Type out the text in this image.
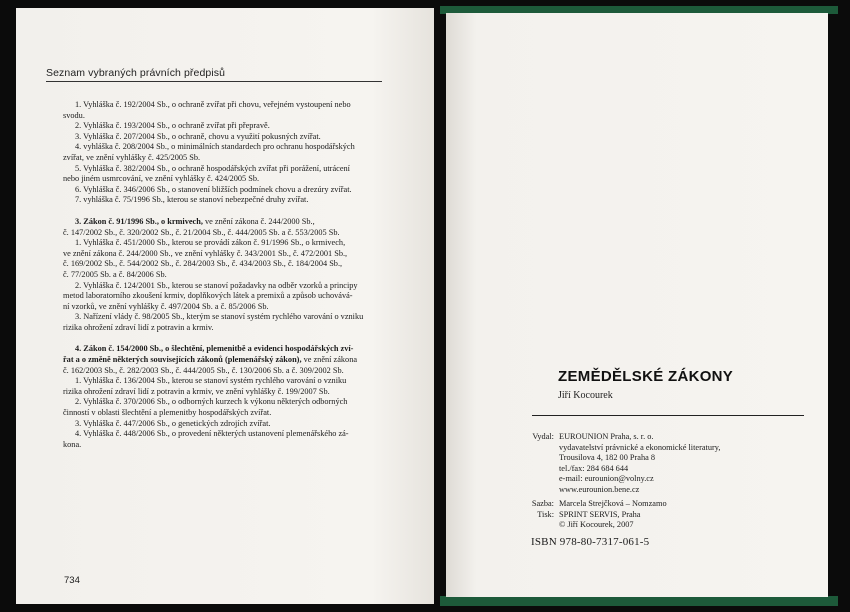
Seznam vybraných právních předpisů
1. Vyhláška č. 192/2004 Sb., o ochraně zvířat při chovu, veřejném vystoupení nebo
svodu.
2. Vyhláška č. 193/2004 Sb., o ochraně zvířat při přepravě.
3. Vyhláška č. 207/2004 Sb., o ochraně, chovu a využití pokusných zvířat.
4. vyhláška č. 208/2004 Sb., o minimálních standardech pro ochranu hospodářských
zvířat, ve znění vyhlášky č. 425/2005 Sb.
5. Vyhláška č. 382/2004 Sb., o ochraně hospodářských zvířat při porážení, utrácení
nebo jiném usmrcování, ve znění vyhlášky č. 424/2005 Sb.
6. Vyhláška č. 346/2006 Sb., o stanovení bližších podmínek chovu a drezúry zvířat.
7. vyhláška č. 75/1996 Sb., kterou se stanoví nebezpečné druhy zvířat.
3. Zákon č. 91/1996 Sb., o krmivech, ve znění zákona č. 244/2000 Sb.,
č. 147/2002 Sb., č. 320/2002 Sb., č. 21/2004 Sb., č. 444/2005 Sb. a č. 553/2005 Sb.
1. Vyhláška č. 451/2000 Sb., kterou se provádí zákon č. 91/1996 Sb., o krmivech,
ve znění zákona č. 244/2000 Sb., ve znění vyhlášky č. 343/2001 Sb., č. 472/2001 Sb.,
č. 169/2002 Sb., č. 544/2002 Sb., č. 284/2003 Sb., č. 434/2003 Sb., č. 184/2004 Sb.,
č. 77/2005 Sb. a č. 84/2006 Sb.
2. Vyhláška č. 124/2001 Sb., kterou se stanoví požadavky na odběr vzorků a principy
metod laboratorního zkoušení krmiv, doplňkových látek a premixů a způsob uchovává-
ní vzorků, ve znění vyhlášky č. 497/2004 Sb. a č. 85/2006 Sb.
3. Nařízení vlády č. 98/2005 Sb., kterým se stanoví systém rychlého varování o vzniku
rizika ohrožení zdraví lidí z potravin a krmiv.
4. Zákon č. 154/2000 Sb., o šlechtění, plemenitbě a evidenci hospodářských zví-
řat a o změně některých souvisejících zákonů (plemenářský zákon), ve znění zákona
č. 162/2003 Sb., č. 282/2003 Sb., č. 444/2005 Sb., č. 130/2006 Sb. a č. 309/2002 Sb.
1. Vyhláška č. 136/2004 Sb., kterou se stanoví systém rychlého varování o vzniku
rizika ohrožení zdraví lidí z potravin a krmiv, ve znění vyhlášky č. 199/2007 Sb.
2. Vyhláška č. 370/2006 Sb., o odborných kurzech k výkonu některých odborných
činností v oblasti šlechtění a plemenitby hospodářských zvířat.
3. Vyhláška č. 447/2006 Sb., o genetických zdrojích zvířat.
4. Vyhláška č. 448/2006 Sb., o provedení některých ustanovení plemenářského zá-
kona.
734
ZEMĚDĚLSKÉ ZÁKONY
Jiří Kocourek
Vydal: EUROUNION Praha, s. r. o.
vydavatelství právnické a ekonomické literatury,
Trousilova 4, 182 00 Praha 8
tel./fax: 284 684 644
e-mail: eurounion@volny.cz
www.eurounion.bene.cz
Sazba: Marcela Strejčková – Nomzamo
Tisk: SPRINT SERVIS, Praha
© Jiří Kocourek, 2007
ISBN 978-80-7317-061-5
